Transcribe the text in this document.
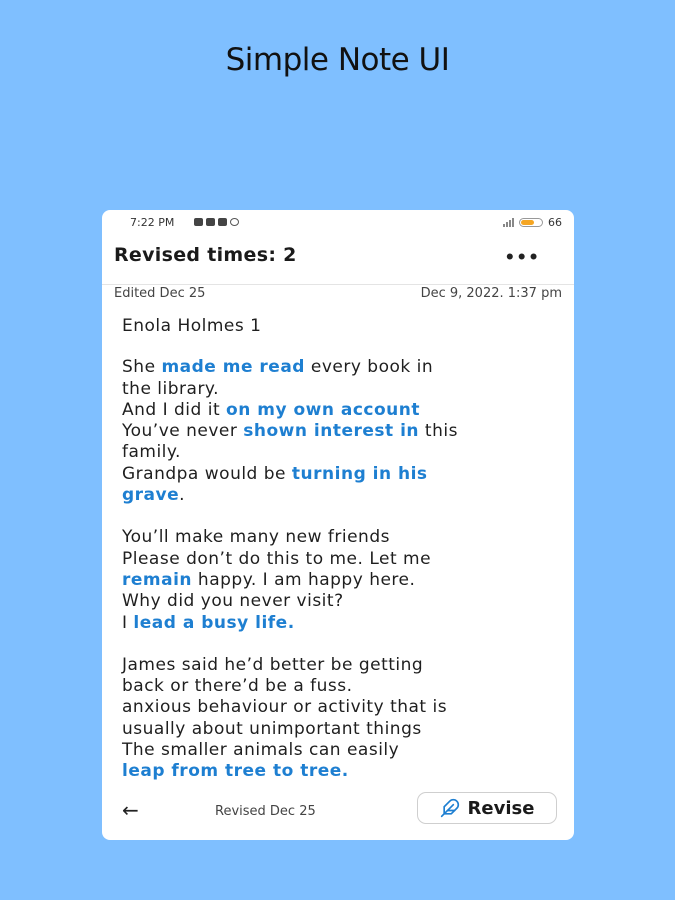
Simple Note UI
7:22 PM	66
Revised times: 2	•••
Edited Dec 25	Dec 9, 2022. 1:37 pm
Enola Holmes 1
She made me read every book in
the library.
And I did it on my own account
You’ve never shown interest in this
family.
Grandpa would be turning in his
grave.
You’ll make many new friends
Please don’t do this to me. Let me
remain happy. I am happy here.
Why did you never visit?
I lead a busy life.
James said he’d better be getting
back or there’d be a fuss.
anxious behaviour or activity that is
usually about unimportant things
The smaller animals can easily
leap from tree to tree.
←	Revised Dec 25	Revise
